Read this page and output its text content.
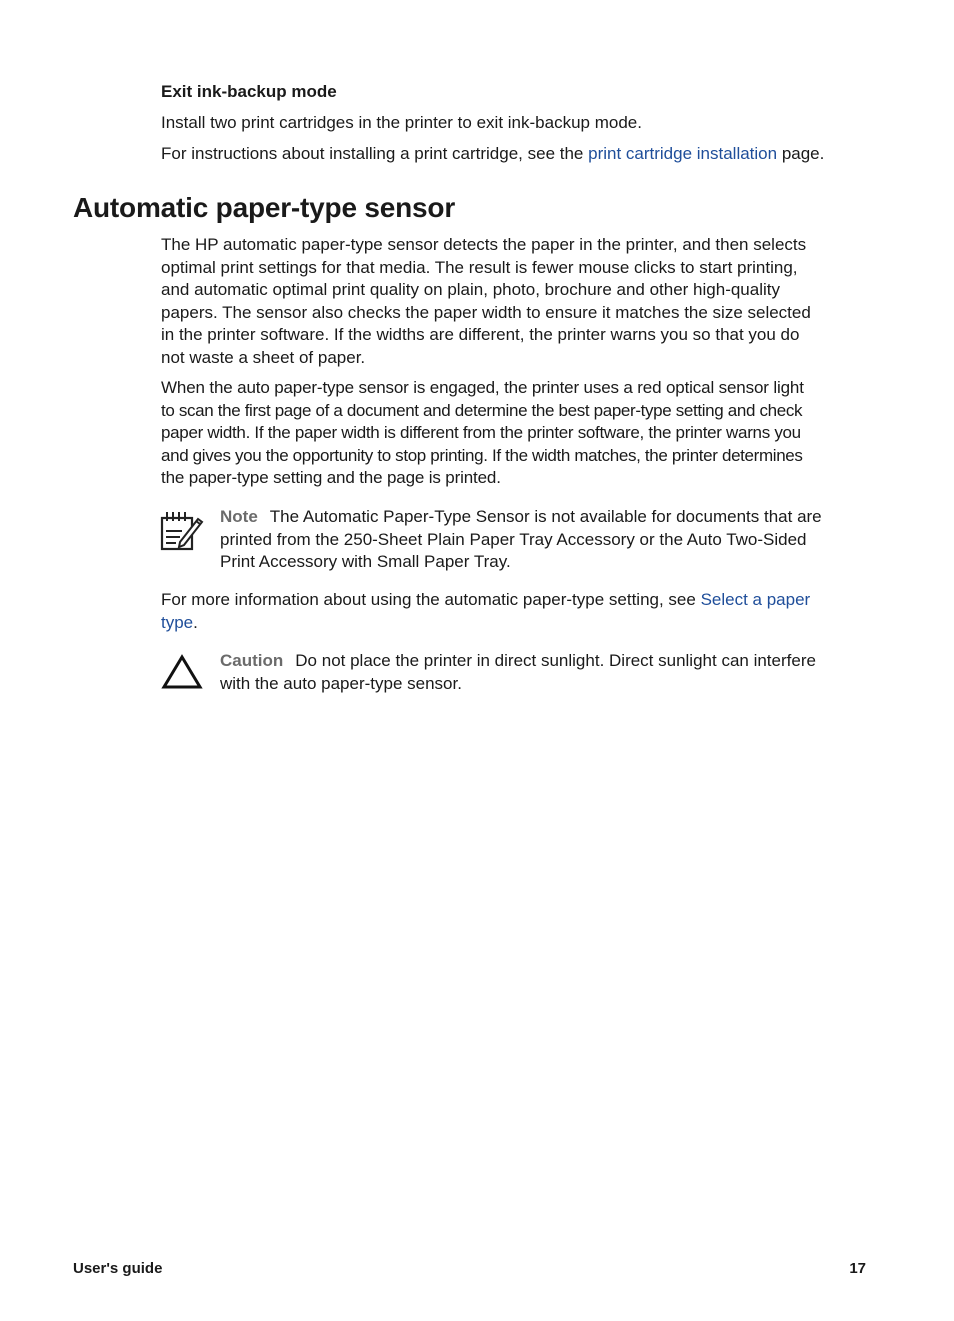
Exit ink-backup mode

Install two print cartridges in the printer to exit ink-backup mode.

For instructions about installing a print cartridge, see the print cartridge installation page.

Automatic paper-type sensor
The HP automatic paper-type sensor detects the paper in the printer, and then selects
optimal print settings for that media. The result is fewer mouse clicks to start printing,
and automatic optimal print quality on plain, photo, brochure and other high-quality
papers. The sensor also checks the paper width to ensure it matches the size selected
in the printer software. If the widths are different, the printer warns you so that you do
not waste a sheet of paper.
When the auto paper-type sensor is engaged, the printer uses a red optical sensor light
to scan the first page of a document and determine the best paper-type setting and check
paper width. If the paper width is different from the printer software, the printer warns you
and gives you the opportunity to stop printing. If the width matches, the printer determines
the paper-type setting and the page is printed.
Note The Automatic Paper-Type Sensor is not available for documents that are
printed from the 250-Sheet Plain Paper Tray Accessory or the Auto Two-Sided
Print Accessory with Small Paper Tray.
For more information about using the automatic paper-type setting, see Select a paper
type.
Caution Do not place the printer in direct sunlight. Direct sunlight can interfere
with the auto paper-type sensor.

User's guide	17
